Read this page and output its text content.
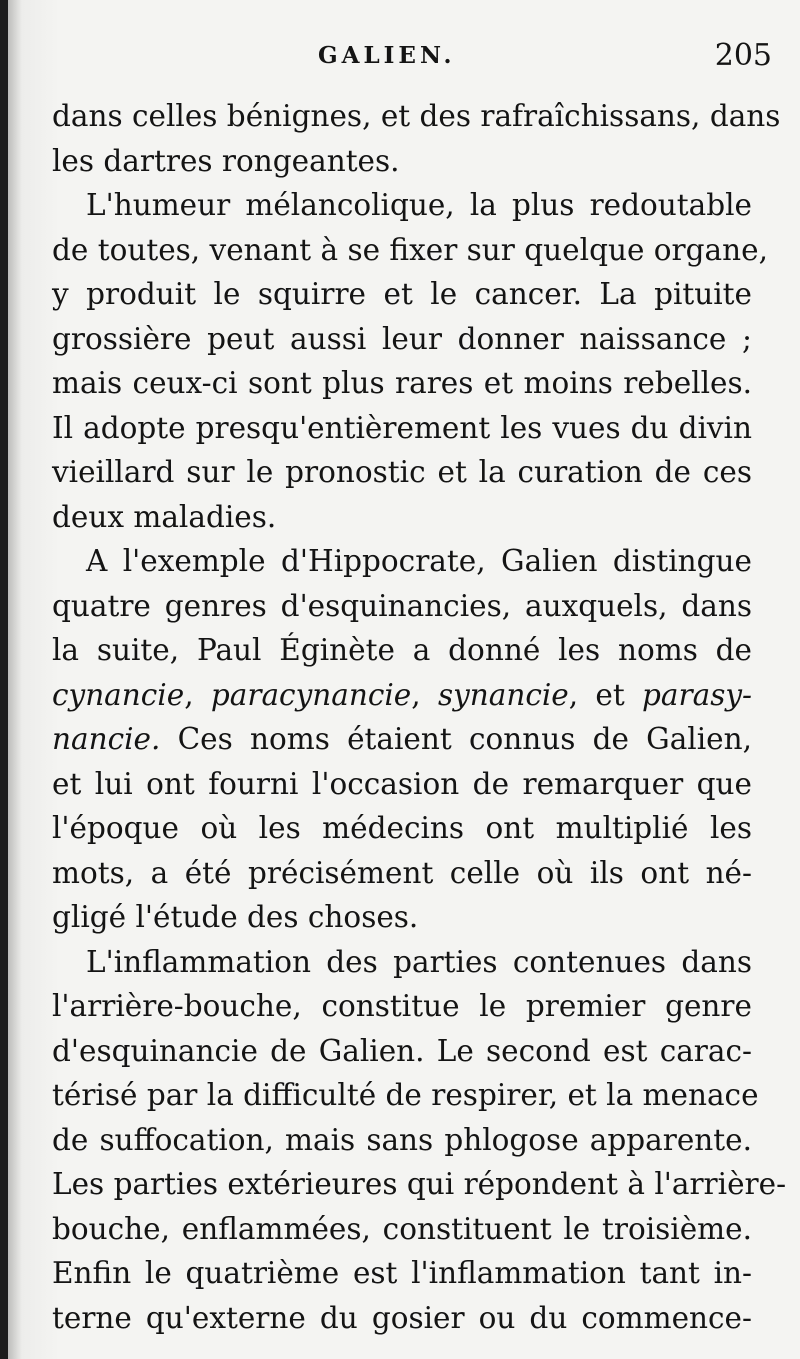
GALIEN.	205

dans celles bénignes, et des rafraîchissans, dans
les dartres rongeantes.

L'humeur mélancolique, la plus redoutable
de toutes, venant à se fixer sur quelque organe,
y produit le squirre et le cancer. La pituite
grossière peut aussi leur donner naissance ;
mais ceux-ci sont plus rares et moins rebelles.
Il adopte presqu'entièrement les vues du divin
vieillard sur le pronostic et la curation de ces
deux maladies.

A l'exemple d'Hippocrate, Galien distingue
quatre genres d'esquinancies, auxquels, dans
la suite, Paul Éginète a donné les noms de
cynancie, paracynancie, synancie, et parasy-
nancie. Ces noms étaient connus de Galien,
et lui ont fourni l'occasion de remarquer que
l'époque où les médecins ont multiplié les
mots, a été précisément celle où ils ont né-
gligé l'étude des choses.

L'inflammation des parties contenues dans
l'arrière-bouche, constitue le premier genre
d'esquinancie de Galien. Le second est carac-
térisé par la difficulté de respirer, et la menace
de suffocation, mais sans phlogose apparente.
Les parties extérieures qui répondent à l'arrière-
bouche, enflammées, constituent le troisième.
Enfin le quatrième est l'inflammation tant in-
terne qu'externe du gosier ou du commence-
